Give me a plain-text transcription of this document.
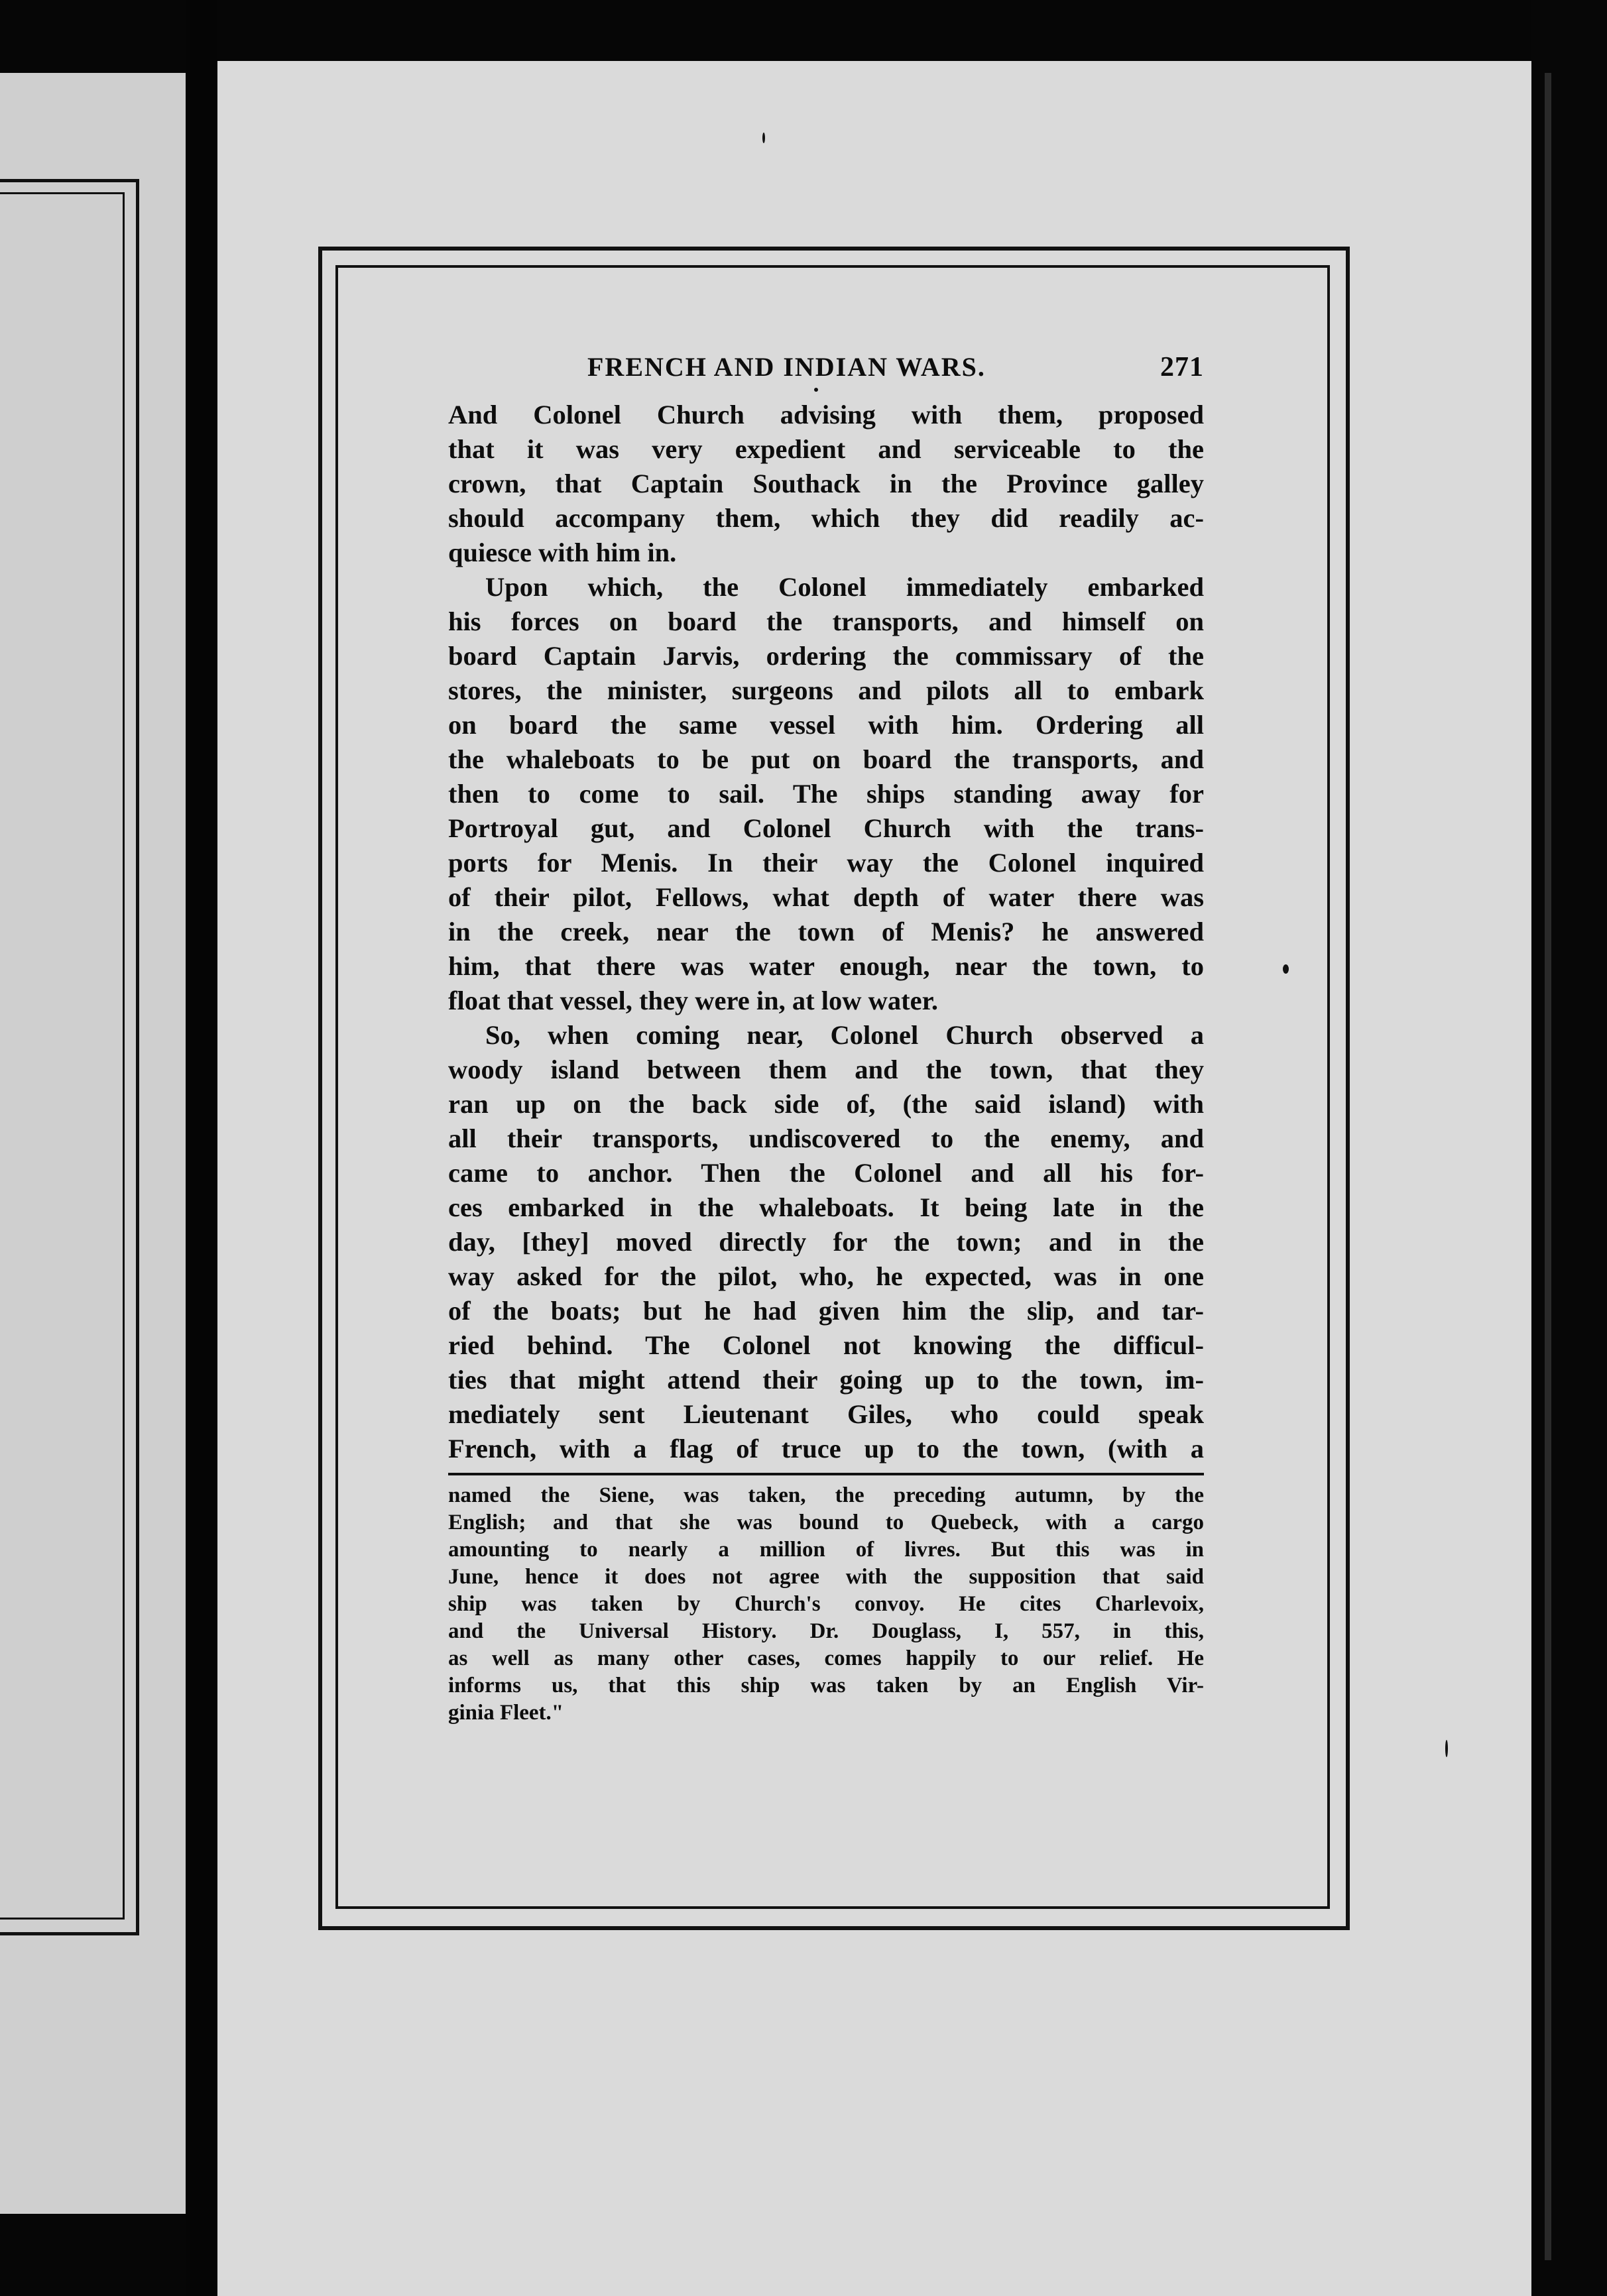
FRENCH AND INDIAN WARS.	271
And Colonel Church advising with them, proposed
that it was very expedient and serviceable to the
crown, that Captain Southack in the Province galley
should accompany them, which they did readily ac-
quiesce with him in.
Upon which, the Colonel immediately embarked
his forces on board the transports, and himself on
board Captain Jarvis, ordering the commissary of the
stores, the minister, surgeons and pilots all to embark
on board the same vessel with him. Ordering all
the whaleboats to be put on board the transports, and
then to come to sail. The ships standing away for
Portroyal gut, and Colonel Church with the trans-
ports for Menis. In their way the Colonel inquired
of their pilot, Fellows, what depth of water there was
in the creek, near the town of Menis? he answered
him, that there was water enough, near the town, to
float that vessel, they were in, at low water.
So, when coming near, Colonel Church observed a
woody island between them and the town, that they
ran up on the back side of, (the said island) with
all their transports, undiscovered to the enemy, and
came to anchor. Then the Colonel and all his for-
ces embarked in the whaleboats. It being late in the
day, [they] moved directly for the town; and in the
way asked for the pilot, who, he expected, was in one
of the boats; but he had given him the slip, and tar-
ried behind. The Colonel not knowing the difficul-
ties that might attend their going up to the town, im-
mediately sent Lieutenant Giles, who could speak
French, with a flag of truce up to the town, (with a
named the Siene, was taken, the preceding autumn, by the
English; and that she was bound to Quebeck, with a cargo
amounting to nearly a million of livres. But this was in
June, hence it does not agree with the supposition that said
ship was taken by Church's convoy. He cites Charlevoix,
and the Universal History. Dr. Douglass, I, 557, in this,
as well as many other cases, comes happily to our relief. He
informs us, that this ship was taken by an English Vir-
ginia Fleet."
